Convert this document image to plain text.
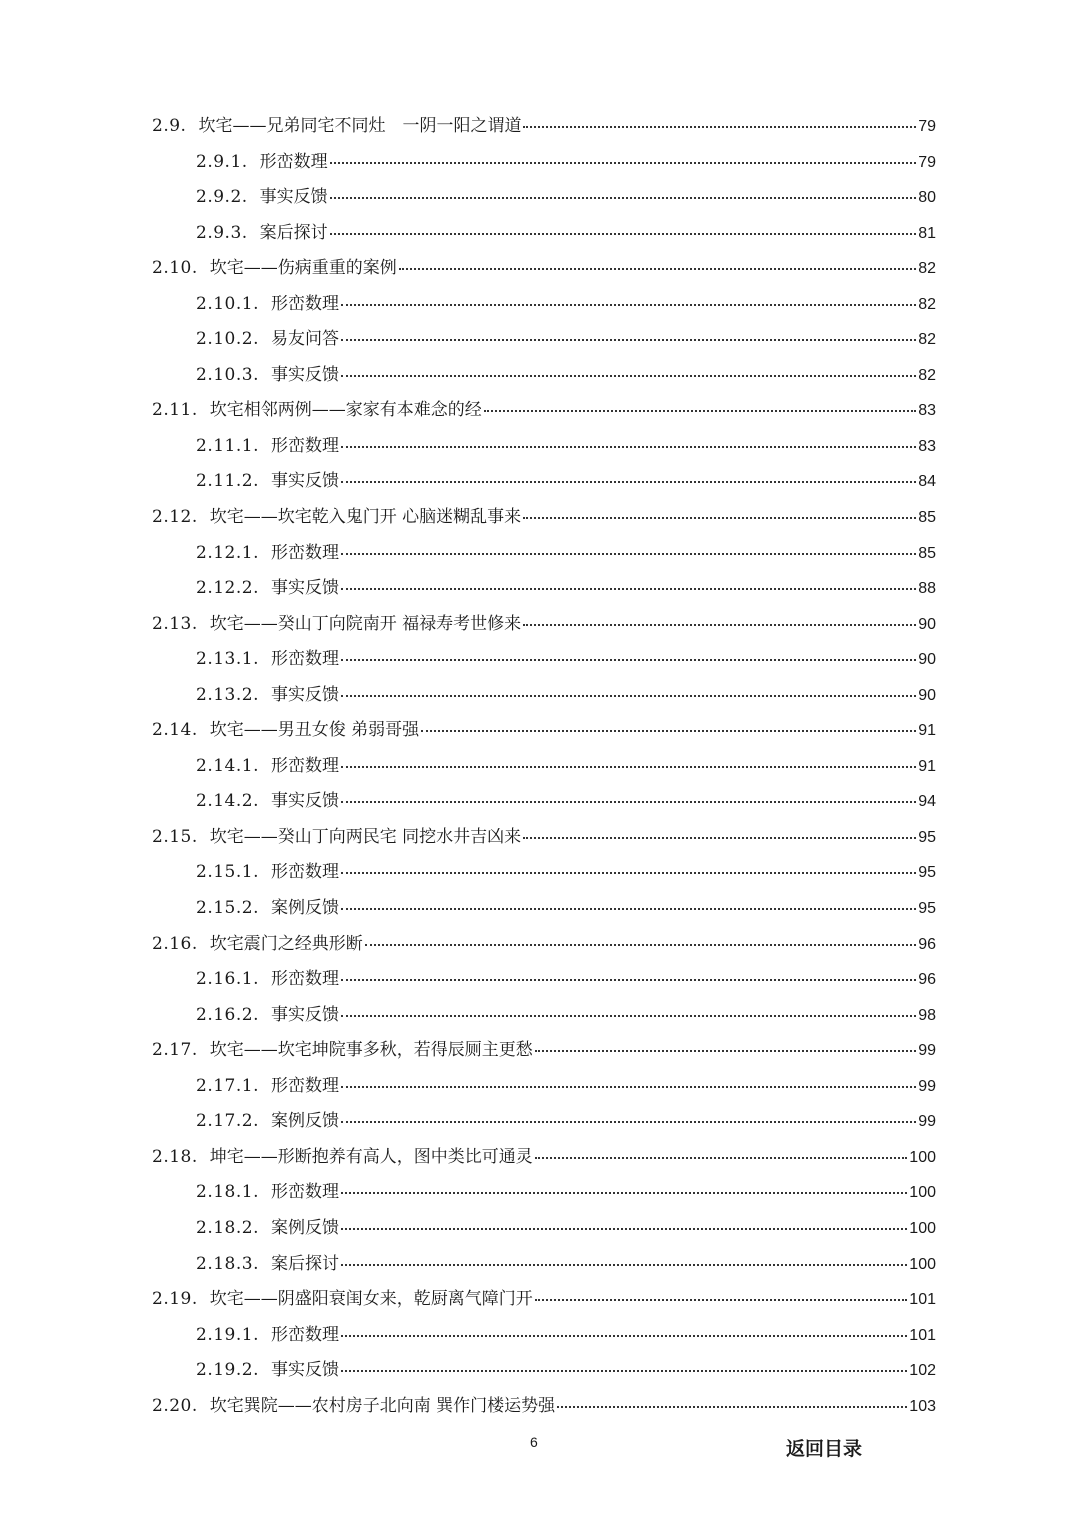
2.9. 坎宅——兄弟同宅不同灶　一阴一阳之谓道	79
2.9.1. 形峦数理	79
2.9.2. 事实反馈	80
2.9.3. 案后探讨	81
2.10. 坎宅——伤病重重的案例	82
2.10.1. 形峦数理	82
2.10.2. 易友问答	82
2.10.3. 事实反馈	82
2.11. 坎宅相邻两例——家家有本难念的经	83
2.11.1. 形峦数理	83
2.11.2. 事实反馈	84
2.12. 坎宅——坎宅乾入鬼门开 心脑迷糊乱事来	85
2.12.1. 形峦数理	85
2.12.2. 事实反馈	88
2.13. 坎宅——癸山丁向院南开 福禄寿考世修来	90
2.13.1. 形峦数理	90
2.13.2. 事实反馈	90
2.14. 坎宅——男丑女俊 弟弱哥强	91
2.14.1. 形峦数理	91
2.14.2. 事实反馈	94
2.15. 坎宅——癸山丁向两民宅 同挖水井吉凶来	95
2.15.1. 形峦数理	95
2.15.2. 案例反馈	95
2.16. 坎宅震门之经典形断	96
2.16.1. 形峦数理	96
2.16.2. 事实反馈	98
2.17. 坎宅——坎宅坤院事多秋，若得辰厕主更愁	99
2.17.1. 形峦数理	99
2.17.2. 案例反馈	99
2.18. 坤宅——形断抱养有高人，图中类比可通灵	100
2.18.1. 形峦数理	100
2.18.2. 案例反馈	100
2.18.3. 案后探讨	100
2.19. 坎宅——阴盛阳衰闺女来，乾厨离气障门开	101
2.19.1. 形峦数理	101
2.19.2. 事实反馈	102
2.20. 坎宅巽院——农村房子北向南 巽作门楼运势强	103
6	返回目录
